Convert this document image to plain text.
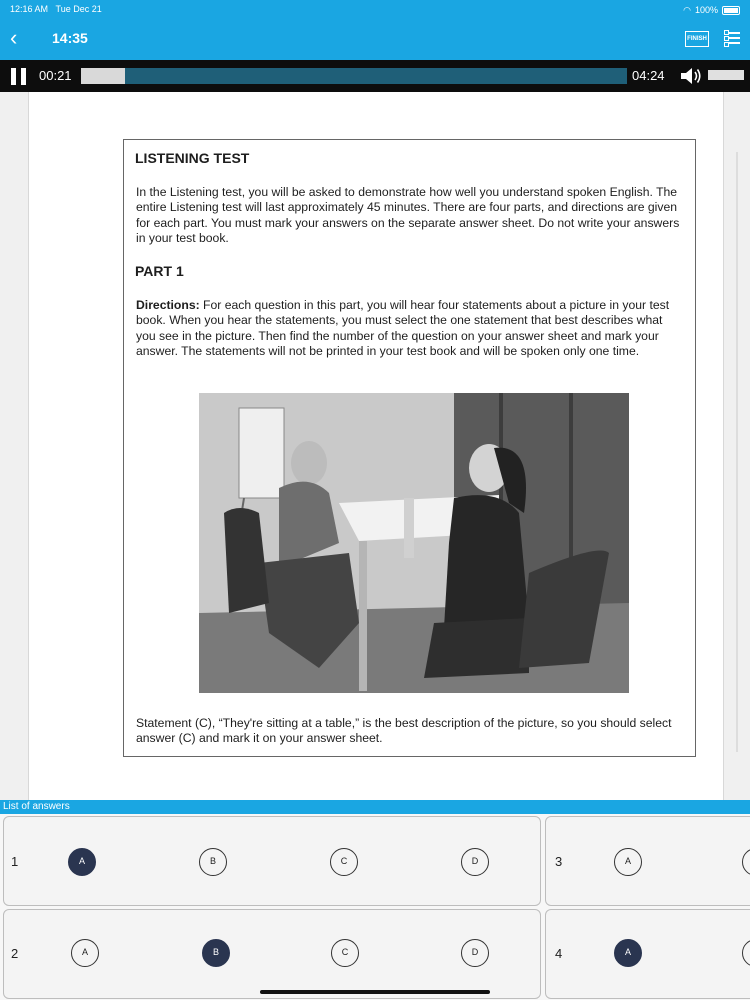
12:16 AM Tue Dec 21	◠ 100%
‹ 14:35	FINISH
00:21	04:24
LISTENING TEST

In the Listening test, you will be asked to demonstrate how well you understand spoken English. The entire Listening test will last approximately 45 minutes. There are four parts, and directions are given for each part. You must mark your answers on the separate answer sheet. Do not write your answers in your test book.

PART 1

Directions: For each question in this part, you will hear four statements about a picture in your test book. When you hear the statements, you must select the one statement that best describes what you see in the picture. Then find the number of the question on your answer sheet and mark your answer. The statements will not be printed in your test book and will be spoken only one time.

Statement (C), “They're sitting at a table,” is the best description of the picture, so you should select answer (C) and mark it on your answer sheet.

List of answers
1	A	B	C	D	3	A
2	A	B	C	D	4	A
